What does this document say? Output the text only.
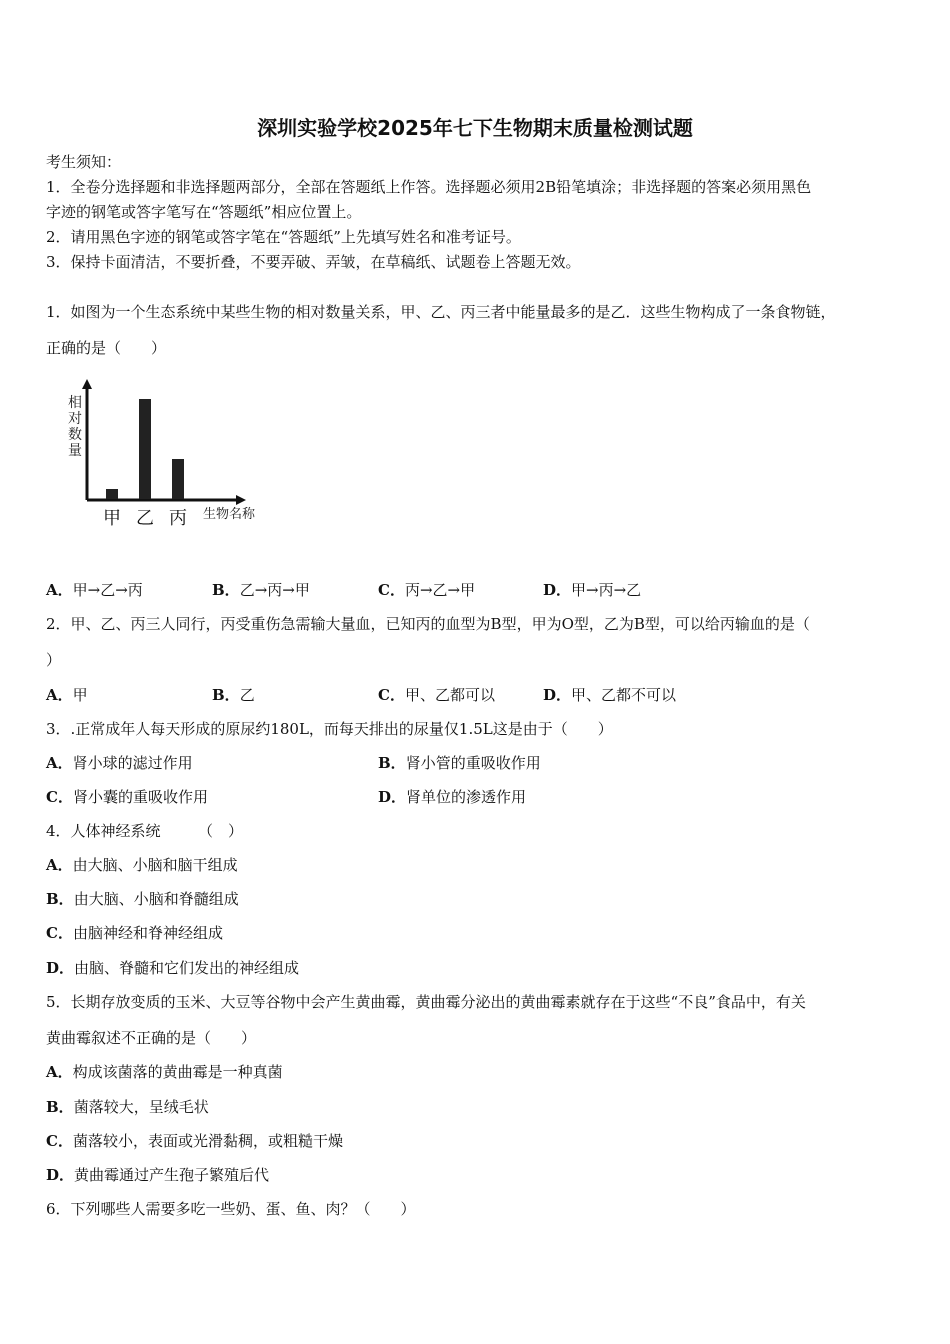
深圳实验学校2025年七下生物期末质量检测试题
考生须知：
1．全卷分选择题和非选择题两部分，全部在答题纸上作答。选择题必须用2B铅笔填涂；非选择题的答案必须用黑色
字迹的钢笔或答字笔写在“答题纸”相应位置上。
2．请用黑色字迹的钢笔或答字笔在“答题纸”上先填写姓名和准考证号。
3．保持卡面清洁，不要折叠，不要弄破、弄皱，在草稿纸、试题卷上答题无效。
1．如图为一个生态系统中某些生物的相对数量关系，甲、乙、丙三者中能量最多的是乙．这些生物构成了一条食物链，
正确的是（　　）
相
对
数
量
甲 乙 丙 生物名称
A．甲→乙→丙	B．乙→丙→甲	C．丙→乙→甲	D．甲→丙→乙
2．甲、乙、丙三人同行，丙受重伤急需输大量血，已知丙的血型为B型，甲为O型，乙为B型，可以给丙输血的是（
）
A．甲	B．乙	C．甲、乙都可以	D．甲、乙都不可以
3．.正常成年人每天形成的原尿约180L，而每天排出的尿量仅1.5L这是由于（　　）
A．肾小球的滤过作用	B．肾小管的重吸收作用
C．肾小囊的重吸收作用	D．肾单位的渗透作用
4．人体神经系统　　　（　）
A．由大脑、小脑和脑干组成
B．由大脑、小脑和脊髓组成
C．由脑神经和脊神经组成
D．由脑、脊髓和它们发出的神经组成
5．长期存放变质的玉米、大豆等谷物中会产生黄曲霉，黄曲霉分泌出的黄曲霉素就存在于这些“不良”食品中，有关
黄曲霉叙述不正确的是（　　）
A．构成该菌落的黄曲霉是一种真菌
B．菌落较大，呈绒毛状
C．菌落较小，表面或光滑黏稠，或粗糙干燥
D．黄曲霉通过产生孢子繁殖后代
6．下列哪些人需要多吃一些奶、蛋、鱼、肉？（　　）
